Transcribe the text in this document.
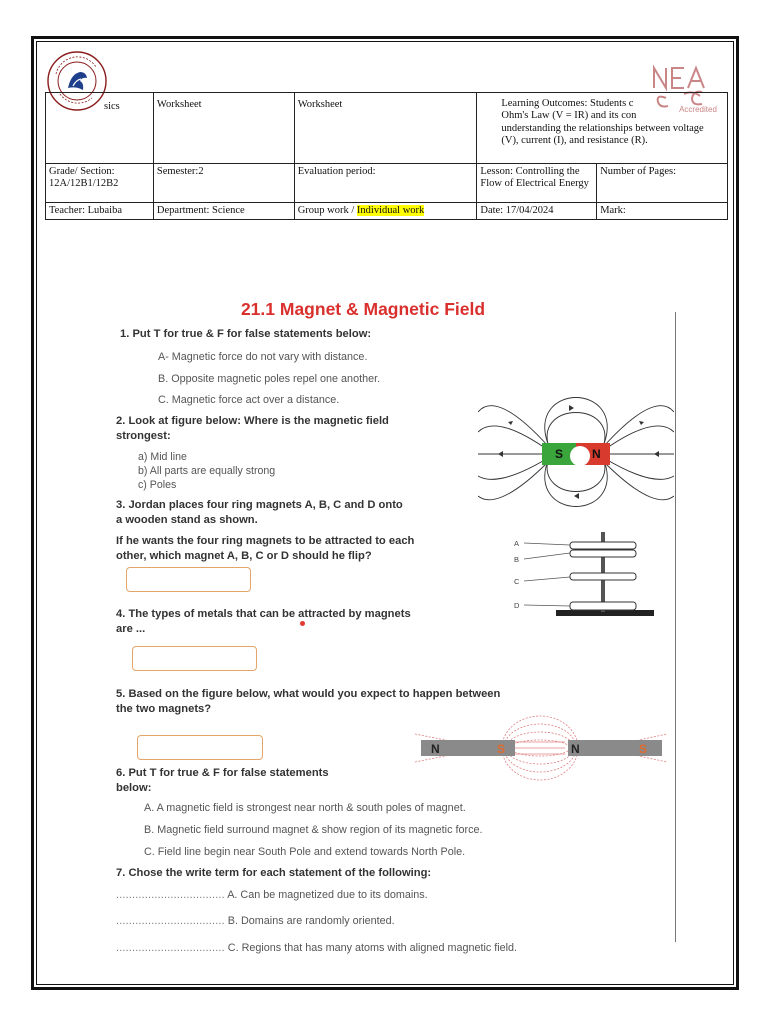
Accredited
sics	Worksheet	Worksheet	Learning Outcomes: Students c
Ohm's Law (V = IR) and its con
understanding the relationships between voltage
(V), current (I), and resistance (R).	

Grade/ Section: 12A/12B1/12B2	Semester:2	Evaluation period:	Lesson: Controlling the Flow of Electrical Energy	Number of Pages:
Teacher: Lubaiba	Department: Science	Group work / Individual work	Date: 17/04/2024	Mark:
21.1 Magnet & Magnetic Field
1. Put T for true & F for false statements below:
A- Magnetic force do not vary with distance.
B. Opposite magnetic poles repel one another.
C. Magnetic force act over a distance.
2. Look at figure below: Where is the magnetic field
strongest:
a) Mid line
b) All parts are equally strong
c) Poles
S N
3. Jordan places four ring magnets A, B, C and D onto
a wooden stand as shown.
If he wants the four ring magnets to be attracted to each
other, which magnet A, B, C or D should he flip?
A
B
C
D
4. The types of metals that can be attracted by magnets
are ...
5. Based on the figure below, what would you expect to happen between
the two magnets?
N	S	N	S
6. Put T for true & F for false statements
below:
A. A magnetic field is strongest near north & south poles of magnet.
B. Magnetic field surround magnet & show region of its magnetic force.
C. Field line begin near South Pole and extend towards North Pole.
7. Chose the write term for each statement of the following:
.................................. A. Can be magnetized due to its domains.
.................................. B. Domains are randomly oriented.
.................................. C. Regions that has many atoms with aligned magnetic field.
